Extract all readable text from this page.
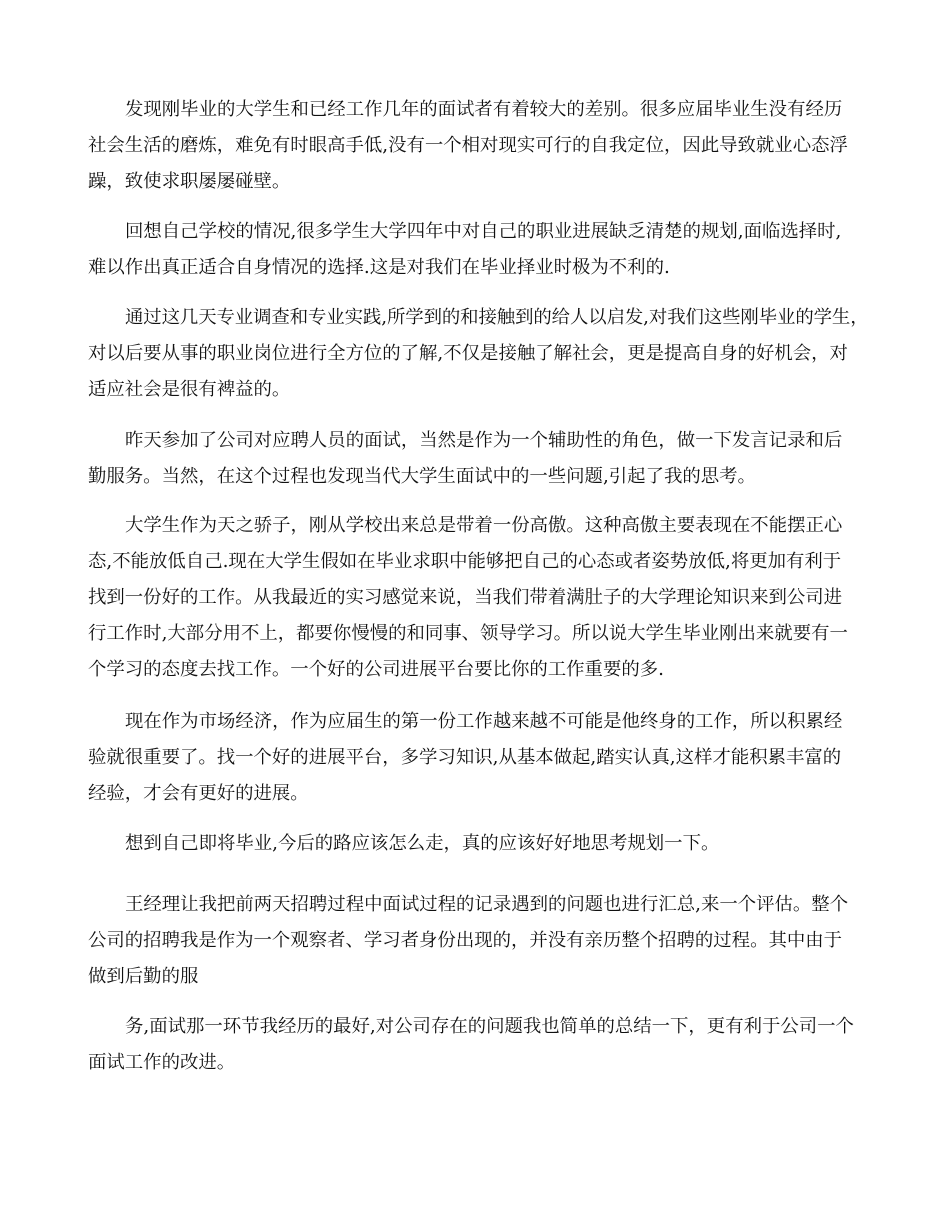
发现刚毕业的大学生和已经工作几年的面试者有着较大的差别。很多应届毕业生没有经历
社会生活的磨炼，难免有时眼高手低,没有一个相对现实可行的自我定位，因此导致就业心态浮
躁，致使求职屡屡碰壁。
回想自己学校的情况,很多学生大学四年中对自己的职业进展缺乏清楚的规划,面临选择时,
难以作出真正适合自身情况的选择.这是对我们在毕业择业时极为不利的.
通过这几天专业调查和专业实践,所学到的和接触到的给人以启发,对我们这些刚毕业的学生，
对以后要从事的职业岗位进行全方位的了解,不仅是接触了解社会，更是提高自身的好机会，对
适应社会是很有裨益的。
昨天参加了公司对应聘人员的面试，当然是作为一个辅助性的角色，做一下发言记录和后
勤服务。当然，在这个过程也发现当代大学生面试中的一些问题,引起了我的思考。
大学生作为天之骄子，刚从学校出来总是带着一份高傲。这种高傲主要表现在不能摆正心
态,不能放低自己.现在大学生假如在毕业求职中能够把自己的心态或者姿势放低,将更加有利于
找到一份好的工作。从我最近的实习感觉来说，当我们带着满肚子的大学理论知识来到公司进
行工作时,大部分用不上，都要你慢慢的和同事、领导学习。所以说大学生毕业刚出来就要有一
个学习的态度去找工作。一个好的公司进展平台要比你的工作重要的多.
现在作为市场经济，作为应届生的第一份工作越来越不可能是他终身的工作，所以积累经
验就很重要了。找一个好的进展平台，多学习知识,从基本做起,踏实认真,这样才能积累丰富的
经验，才会有更好的进展。
想到自己即将毕业,今后的路应该怎么走，真的应该好好地思考规划一下。
王经理让我把前两天招聘过程中面试过程的记录遇到的问题也进行汇总,来一个评估。整个
公司的招聘我是作为一个观察者、学习者身份出现的，并没有亲历整个招聘的过程。其中由于
做到后勤的服
务,面试那一环节我经历的最好,对公司存在的问题我也简单的总结一下，更有利于公司一个
面试工作的改进。
